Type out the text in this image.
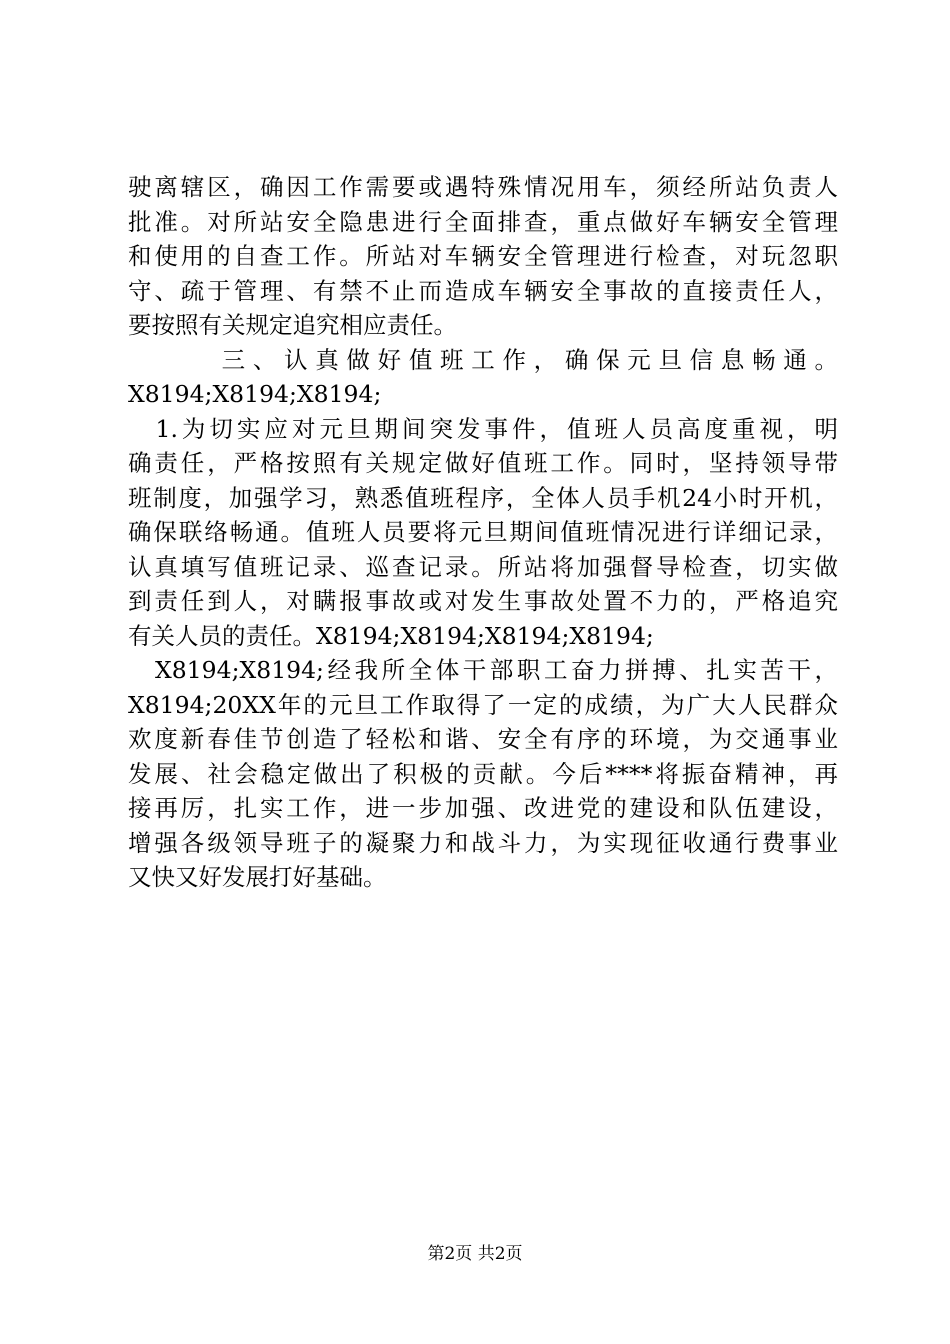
驶离辖区，确因工作需要或遇特殊情况用车，须经所站负责人
批准。对所站安全隐患进行全面排查，重点做好车辆安全管理
和使用的自查工作。所站对车辆安全管理进行检查，对玩忽职
守、疏于管理、有禁不止而造成车辆安全事故的直接责任人，
要按照有关规定追究相应责任。
　　　三、认真做好值班工作，确保元旦信息畅通。
X8194;X8194;X8194;
　1.为切实应对元旦期间突发事件，值班人员高度重视，明
确责任，严格按照有关规定做好值班工作。同时，坚持领导带
班制度，加强学习，熟悉值班程序，全体人员手机24小时开机，
确保联络畅通。值班人员要将元旦期间值班情况进行详细记录，
认真填写值班记录、巡查记录。所站将加强督导检查，切实做
到责任到人，对瞒报事故或对发生事故处置不力的，严格追究
有关人员的责任。X8194;X8194;X8194;X8194;
　X8194;X8194;经我所全体干部职工奋力拼搏、扎实苦干，
X8194;20XX年的元旦工作取得了一定的成绩，为广大人民群众
欢度新春佳节创造了轻松和谐、安全有序的环境，为交通事业
发展、社会稳定做出了积极的贡献。今后****将振奋精神，再
接再厉，扎实工作，进一步加强、改进党的建设和队伍建设，
增强各级领导班子的凝聚力和战斗力，为实现征收通行费事业
又快又好发展打好基础。
第2页 共2页
